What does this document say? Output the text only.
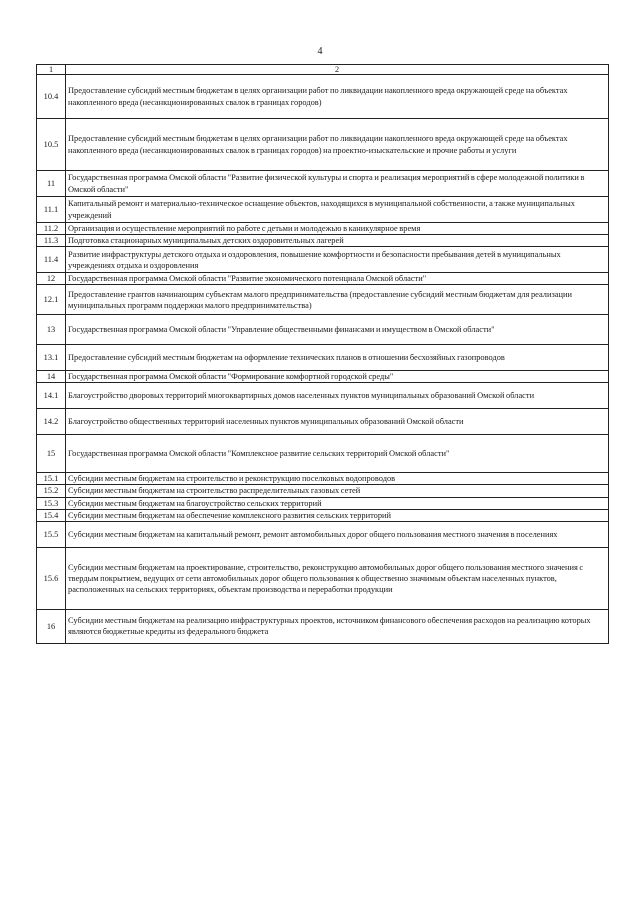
4
1	2
10.4	Предоставление субсидий местным бюджетам в целях организации работ по ликвидации накопленного вреда окружающей среде на объектах накопленного вреда (несанкционированных свалок в границах городов)
10.5	Предоставление субсидий местным бюджетам в целях организации работ по ликвидации накопленного вреда окружающей среде на объектах накопленного вреда (несанкционированных свалок в границах городов) на проектно-изыскательские и прочие работы и услуги
11	Государственная программа Омской области "Развитие физической культуры и спорта и реализация мероприятий в сфере молодежной политики в Омской области"
11.1	Капитальный ремонт и материально-техническое оснащение объектов, находящихся в муниципальной собственности, а также муниципальных учреждений
11.2	Организация и осуществление мероприятий по работе с детьми и молодежью в каникулярное время
11.3	Подготовка стационарных муниципальных детских оздоровительных лагерей
11.4	Развитие инфраструктуры детского отдыха и оздоровления, повышение комфортности и безопасности пребывания детей в муниципальных учреждениях отдыха и оздоровления
12	Государственная программа Омской области "Развитие экономического потенциала Омской области"
12.1	Предоставление грантов начинающим субъектам малого предпринимательства (предоставление субсидий местным бюджетам для реализации муниципальных программ поддержки малого предпринимательства)
13	Государственная программа Омской области "Управление общественными финансами и имуществом в Омской области"
13.1	Предоставление субсидий местным бюджетам на оформление технических планов в отношении бесхозяйных газопроводов
14	Государственная программа Омской области "Формирование комфортной городской среды"
14.1	Благоустройство дворовых территорий многоквартирных домов населенных пунктов муниципальных образований Омской области
14.2	Благоустройство общественных территорий населенных пунктов муниципальных образований Омской области
15	Государственная программа Омской области "Комплексное развитие сельских территорий Омской области"
15.1	Субсидии местным бюджетам на строительство и реконструкцию поселковых водопроводов
15.2	Субсидии местным бюджетам на строительство распределительных газовых сетей
15.3	Субсидии местным бюджетам на благоустройство сельских территорий
15.4	Субсидии местным бюджетам на обеспечение комплексного развития сельских территорий
15.5	Субсидии местным бюджетам на капитальный ремонт, ремонт автомобильных дорог общего пользования местного значения в поселениях
15.6	Субсидии местным бюджетам на проектирование, строительство, реконструкцию автомобильных дорог общего пользования местного значения с твердым покрытием, ведущих от сети автомобильных дорог общего пользования к общественно значимым объектам населенных пунктов, расположенных на сельских территориях, объектам производства и переработки продукции
16	Субсидии местным бюджетам на реализацию инфраструктурных проектов, источником финансового обеспечения расходов на реализацию которых являются бюджетные кредиты из федерального бюджета
